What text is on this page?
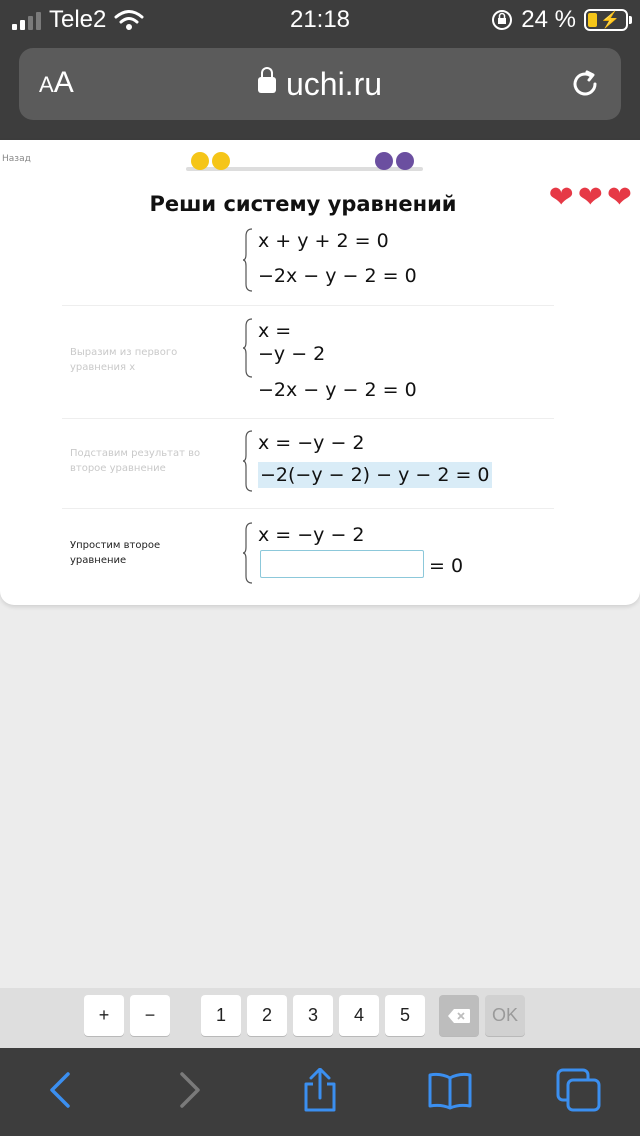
Tele2	21:18	24 % ⚡
AA	uchi.ru
Назад
❤ ❤ ❤
Реши систему уравнений
x + y + 2 = 0
−2x − y − 2 = 0
Выразим из первого уравнения x
x =
−y − 2
−2x − y − 2 = 0
Подставим результат во второе уравнение
x = −y − 2
−2(−y − 2) − y − 2 = 0
Упростим второе уравнение
x = −y − 2
= 0
+	−	1	2	3	4	5	OK
